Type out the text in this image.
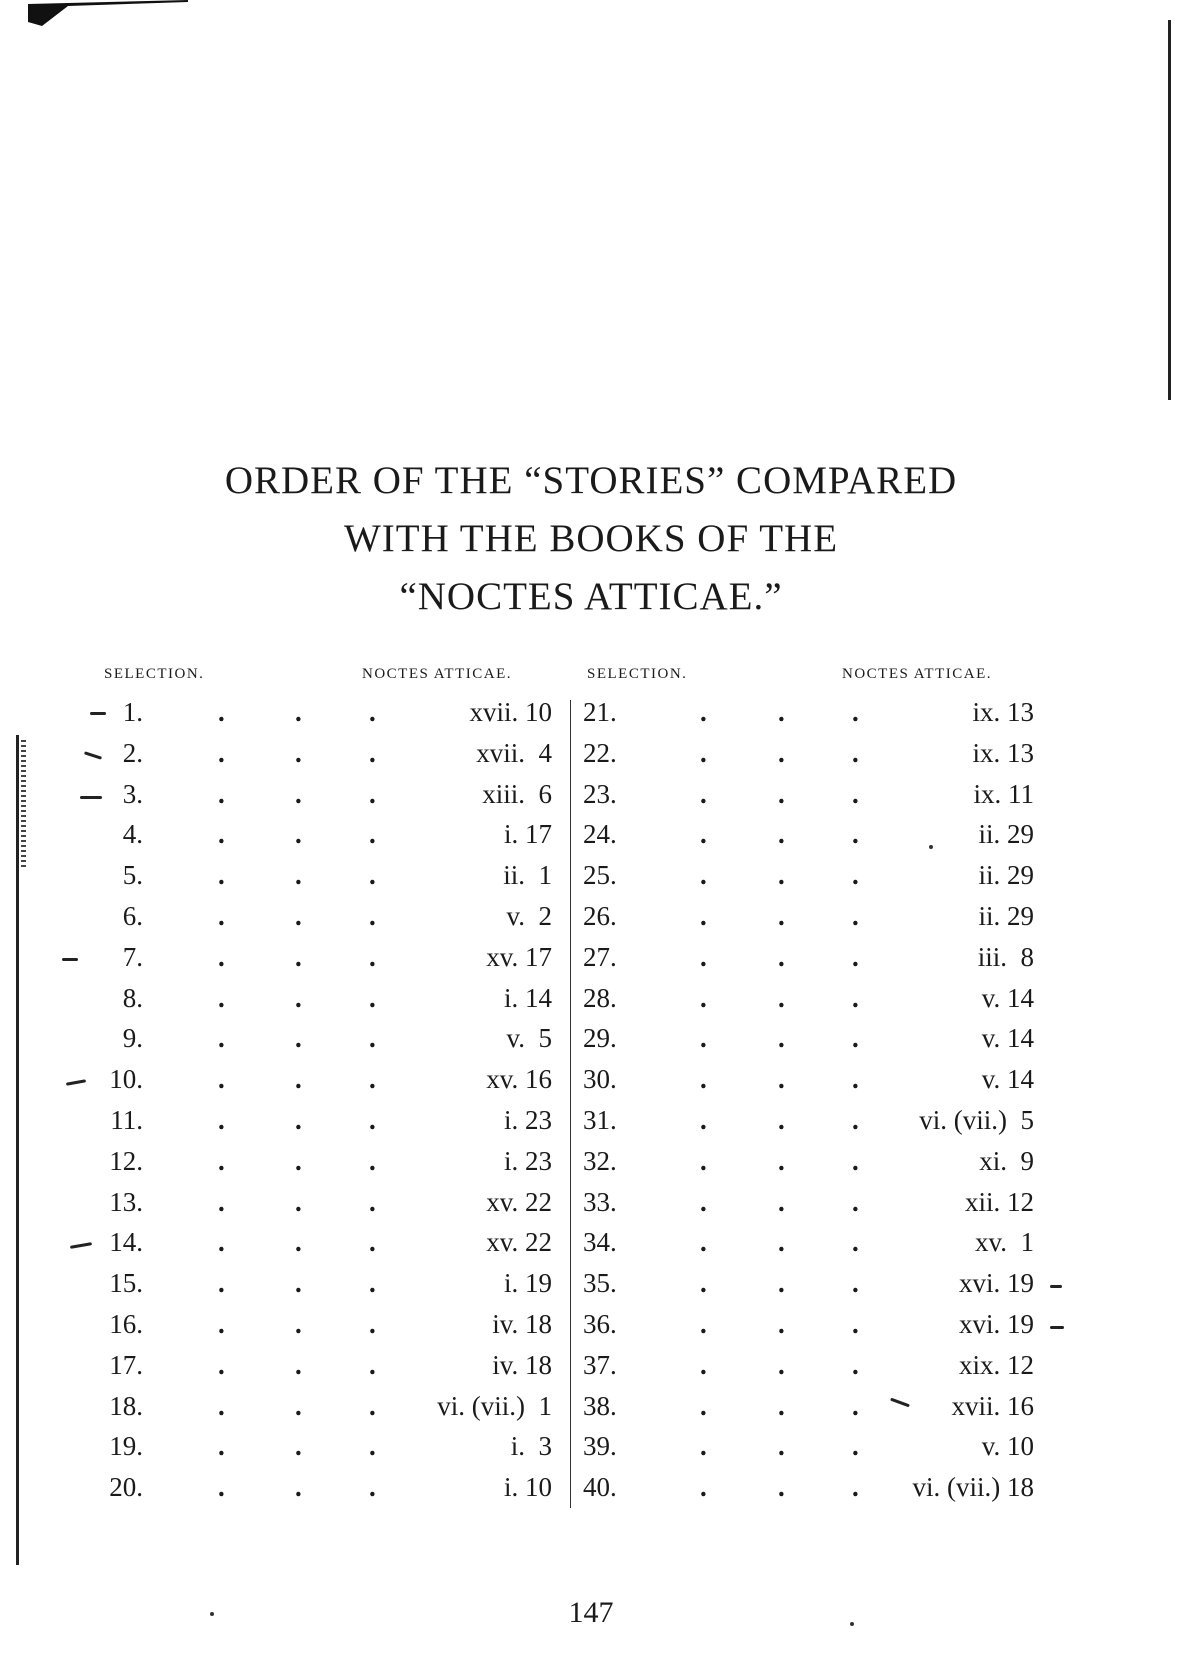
ORDER OF THE “STORIES” COMPARED
WITH THE BOOKS OF THE
“NOCTES ATTICAE.”
SELECTION.	NOCTES ATTICAE.	SELECTION.	NOCTES ATTICAE.
1.	.	. .	xvii. 10 21.	.	. .	ix. 13
2.	.	. .	xvii.  4 22.	.	. .	ix. 13
3.	.	. .	xiii.  6 23.	.	. .	ix. 11
4.	.	. .	i. 17 24.	.	. .	ii. 29
5.	.	. .	ii.  1 25.	.	. .	ii. 29
6.	.	. .	v.  2 26.	.	. .	ii. 29
7.	.	. .	xv. 17 27.	.	. .	iii.  8
8.	.	. .	i. 14 28.	.	. .	v. 14
9.	.	. .	v.  5 29.	.	. .	v. 14
10.	.	. .	xv. 16 30.	.	. .	v. 14
11.	.	. .	i. 23 31.	.	. . vi. (vii.)  5
12.	.	. .	i. 23 32.	.	. .	xi.  9
13.	.	. .	xv. 22 33.	.	. .	xii. 12
14.	.	. .	xv. 22 34.	.	. .	xv.  1
15.	.	. .	i. 19 35.	.	. .	xvi. 19
16.	.	. .	iv. 18 36.	.	. .	xvi. 19
17.	.	. .	iv. 18 37.	.	. .	xix. 12
18.	.	. . vi. (vii.)  1 38.	.	. .	xvii. 16
19.	.	. .	i.  3 39.	.	. .	v. 10
20.	.	. .	i. 10 40.	.	. . vi. (vii.) 18
147
